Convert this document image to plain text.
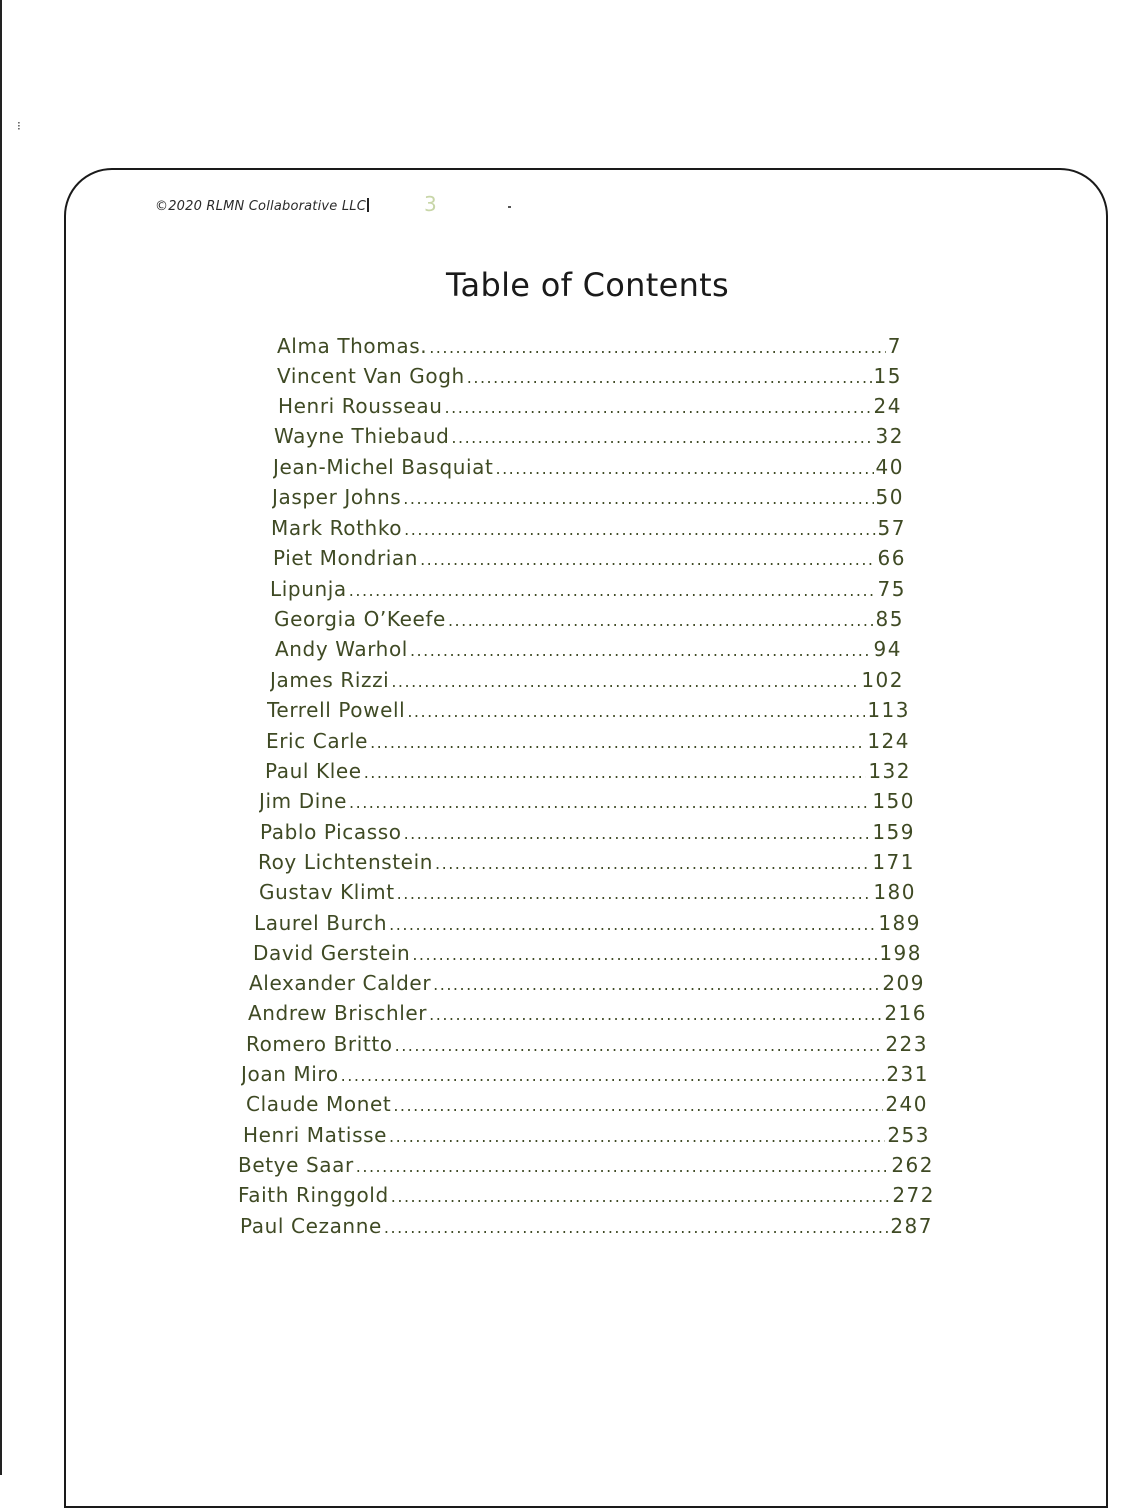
⁝
©2020 RLMN Collaborative LLC	3
Table of Contents
Alma Thomas. .....	7
Vincent Van Gogh .....	15
Henri Rousseau .....	24
Wayne Thiebaud .....	32
Jean-Michel Basquiat .....	40
Jasper Johns .....	50
Mark Rothko .....	57
Piet Mondrian .....	66
Lipunja .....	75
Georgia O’Keefe .....	85
Andy Warhol .....	94
James Rizzi .....	102
Terrell Powell .....	113
Eric Carle .....	124
Paul Klee .....	132
Jim Dine .....	150
Pablo Picasso .....	159
Roy Lichtenstein .....	171
Gustav Klimt .....	180
Laurel Burch .....	189
David Gerstein .....	198
Alexander Calder .....	209
Andrew Brischler .....	216
Romero Britto .....	223
Joan Miro .....	231
Claude Monet .....	240
Henri Matisse .....	253
Betye Saar .....	262
Faith Ringgold .....	272
Paul Cezanne .....	287
